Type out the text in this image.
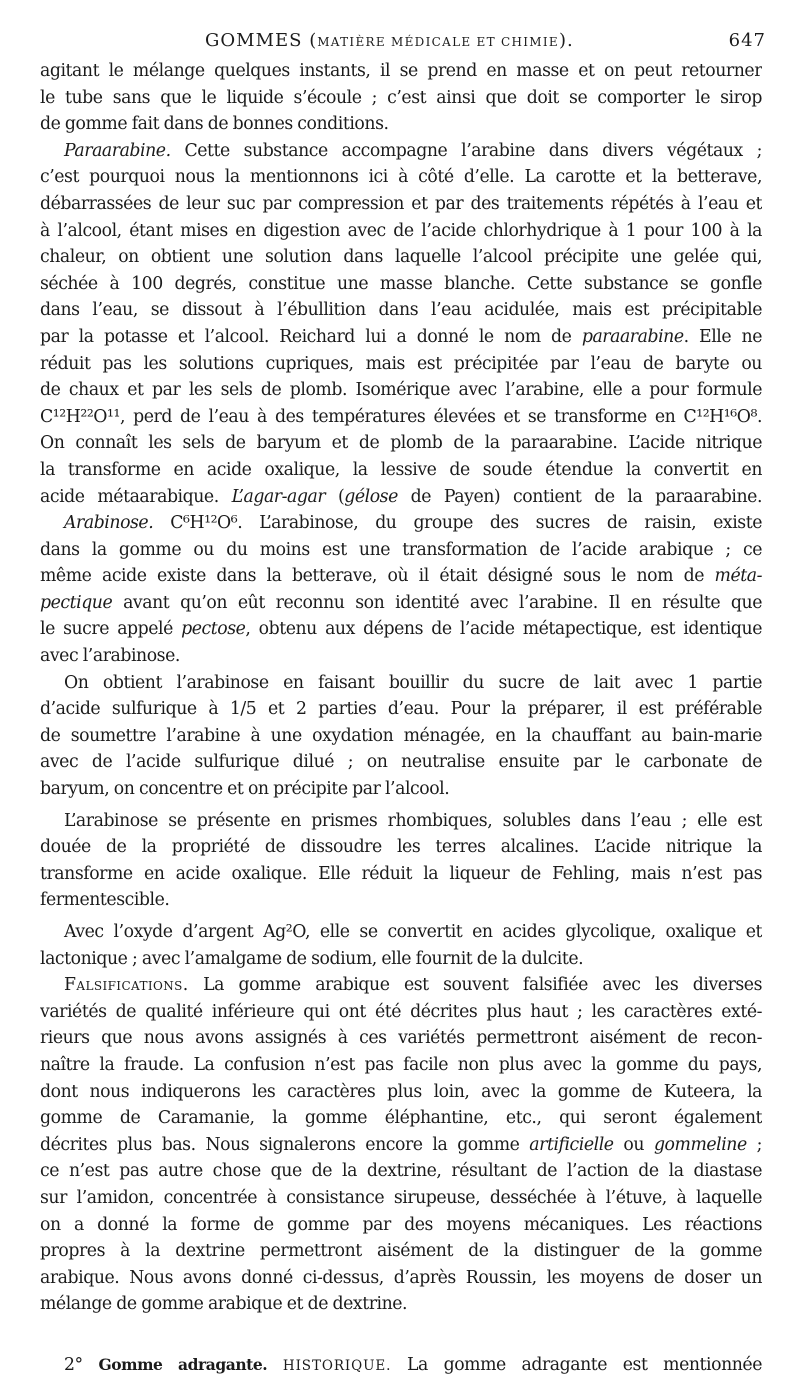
GOMMES (MATIÈRE MÉDICALE ET CHIMIE).	647
agitant le mélange quelques instants, il se prend en masse et on peut retourner
le tube sans que le liquide s’écoule ; c’est ainsi que doit se comporter le sirop
de gomme fait dans de bonnes conditions.
Paraarabine. Cette substance accompagne l’arabine dans divers végétaux ;
c’est pourquoi nous la mentionnons ici à côté d’elle. La carotte et la betterave,
débarrassées de leur suc par compression et par des traitements répétés à l’eau et
à l’alcool, étant mises en digestion avec de l’acide chlorhydrique à 1 pour 100 à la
chaleur, on obtient une solution dans laquelle l’alcool précipite une gelée qui,
séchée à 100 degrés, constitue une masse blanche. Cette substance se gonfle
dans l’eau, se dissout à l’ébullition dans l’eau acidulée, mais est précipitable
par la potasse et l’alcool. Reichard lui a donné le nom de paraarabine. Elle ne
réduit pas les solutions cupriques, mais est précipitée par l’eau de baryte ou
de chaux et par les sels de plomb. Isomérique avec l’arabine, elle a pour formule
C¹²H²²O¹¹, perd de l’eau à des températures élevées et se transforme en C¹²H¹⁶O⁸.
On connaît les sels de baryum et de plomb de la paraarabine. L’acide nitrique
la transforme en acide oxalique, la lessive de soude étendue la convertit en
acide métaarabique. L’agar-agar (gélose de Payen) contient de la paraarabine.
Arabinose. C⁶H¹²O⁶. L’arabinose, du groupe des sucres de raisin, existe
dans la gomme ou du moins est une transformation de l’acide arabique ; ce
même acide existe dans la betterave, où il était désigné sous le nom de méta-
pectique avant qu’on eût reconnu son identité avec l’arabine. Il en résulte que
le sucre appelé pectose, obtenu aux dépens de l’acide métapectique, est identique
avec l’arabinose.
On obtient l’arabinose en faisant bouillir du sucre de lait avec 1 partie
d’acide sulfurique à 1/5 et 2 parties d’eau. Pour la préparer, il est préférable
de soumettre l’arabine à une oxydation ménagée, en la chauffant au bain-marie
avec de l’acide sulfurique dilué ; on neutralise ensuite par le carbonate de
baryum, on concentre et on précipite par l’alcool.
L’arabinose se présente en prismes rhombiques, solubles dans l’eau ; elle est
douée de la propriété de dissoudre les terres alcalines. L’acide nitrique la
transforme en acide oxalique. Elle réduit la liqueur de Fehling, mais n’est pas
fermentescible.
Avec l’oxyde d’argent Ag²O, elle se convertit en acides glycolique, oxalique et
lactonique ; avec l’amalgame de sodium, elle fournit de la dulcite.
Falsifications. La gomme arabique est souvent falsifiée avec les diverses
variétés de qualité inférieure qui ont été décrites plus haut ; les caractères exté-
rieurs que nous avons assignés à ces variétés permettront aisément de recon-
naître la fraude. La confusion n’est pas facile non plus avec la gomme du pays,
dont nous indiquerons les caractères plus loin, avec la gomme de Kuteera, la
gomme de Caramanie, la gomme éléphantine, etc., qui seront également
décrites plus bas. Nous signalerons encore la gomme artificielle ou gommeline ;
ce n’est pas autre chose que de la dextrine, résultant de l’action de la diastase
sur l’amidon, concentrée à consistance sirupeuse, desséchée à l’étuve, à laquelle
on a donné la forme de gomme par des moyens mécaniques. Les réactions
propres à la dextrine permettront aisément de la distinguer de la gomme
arabique. Nous avons donné ci-dessus, d’après Roussin, les moyens de doser un
mélange de gomme arabique et de dextrine.
2° Gomme adragante. HISTORIQUE. La gomme adragante est mentionnée
